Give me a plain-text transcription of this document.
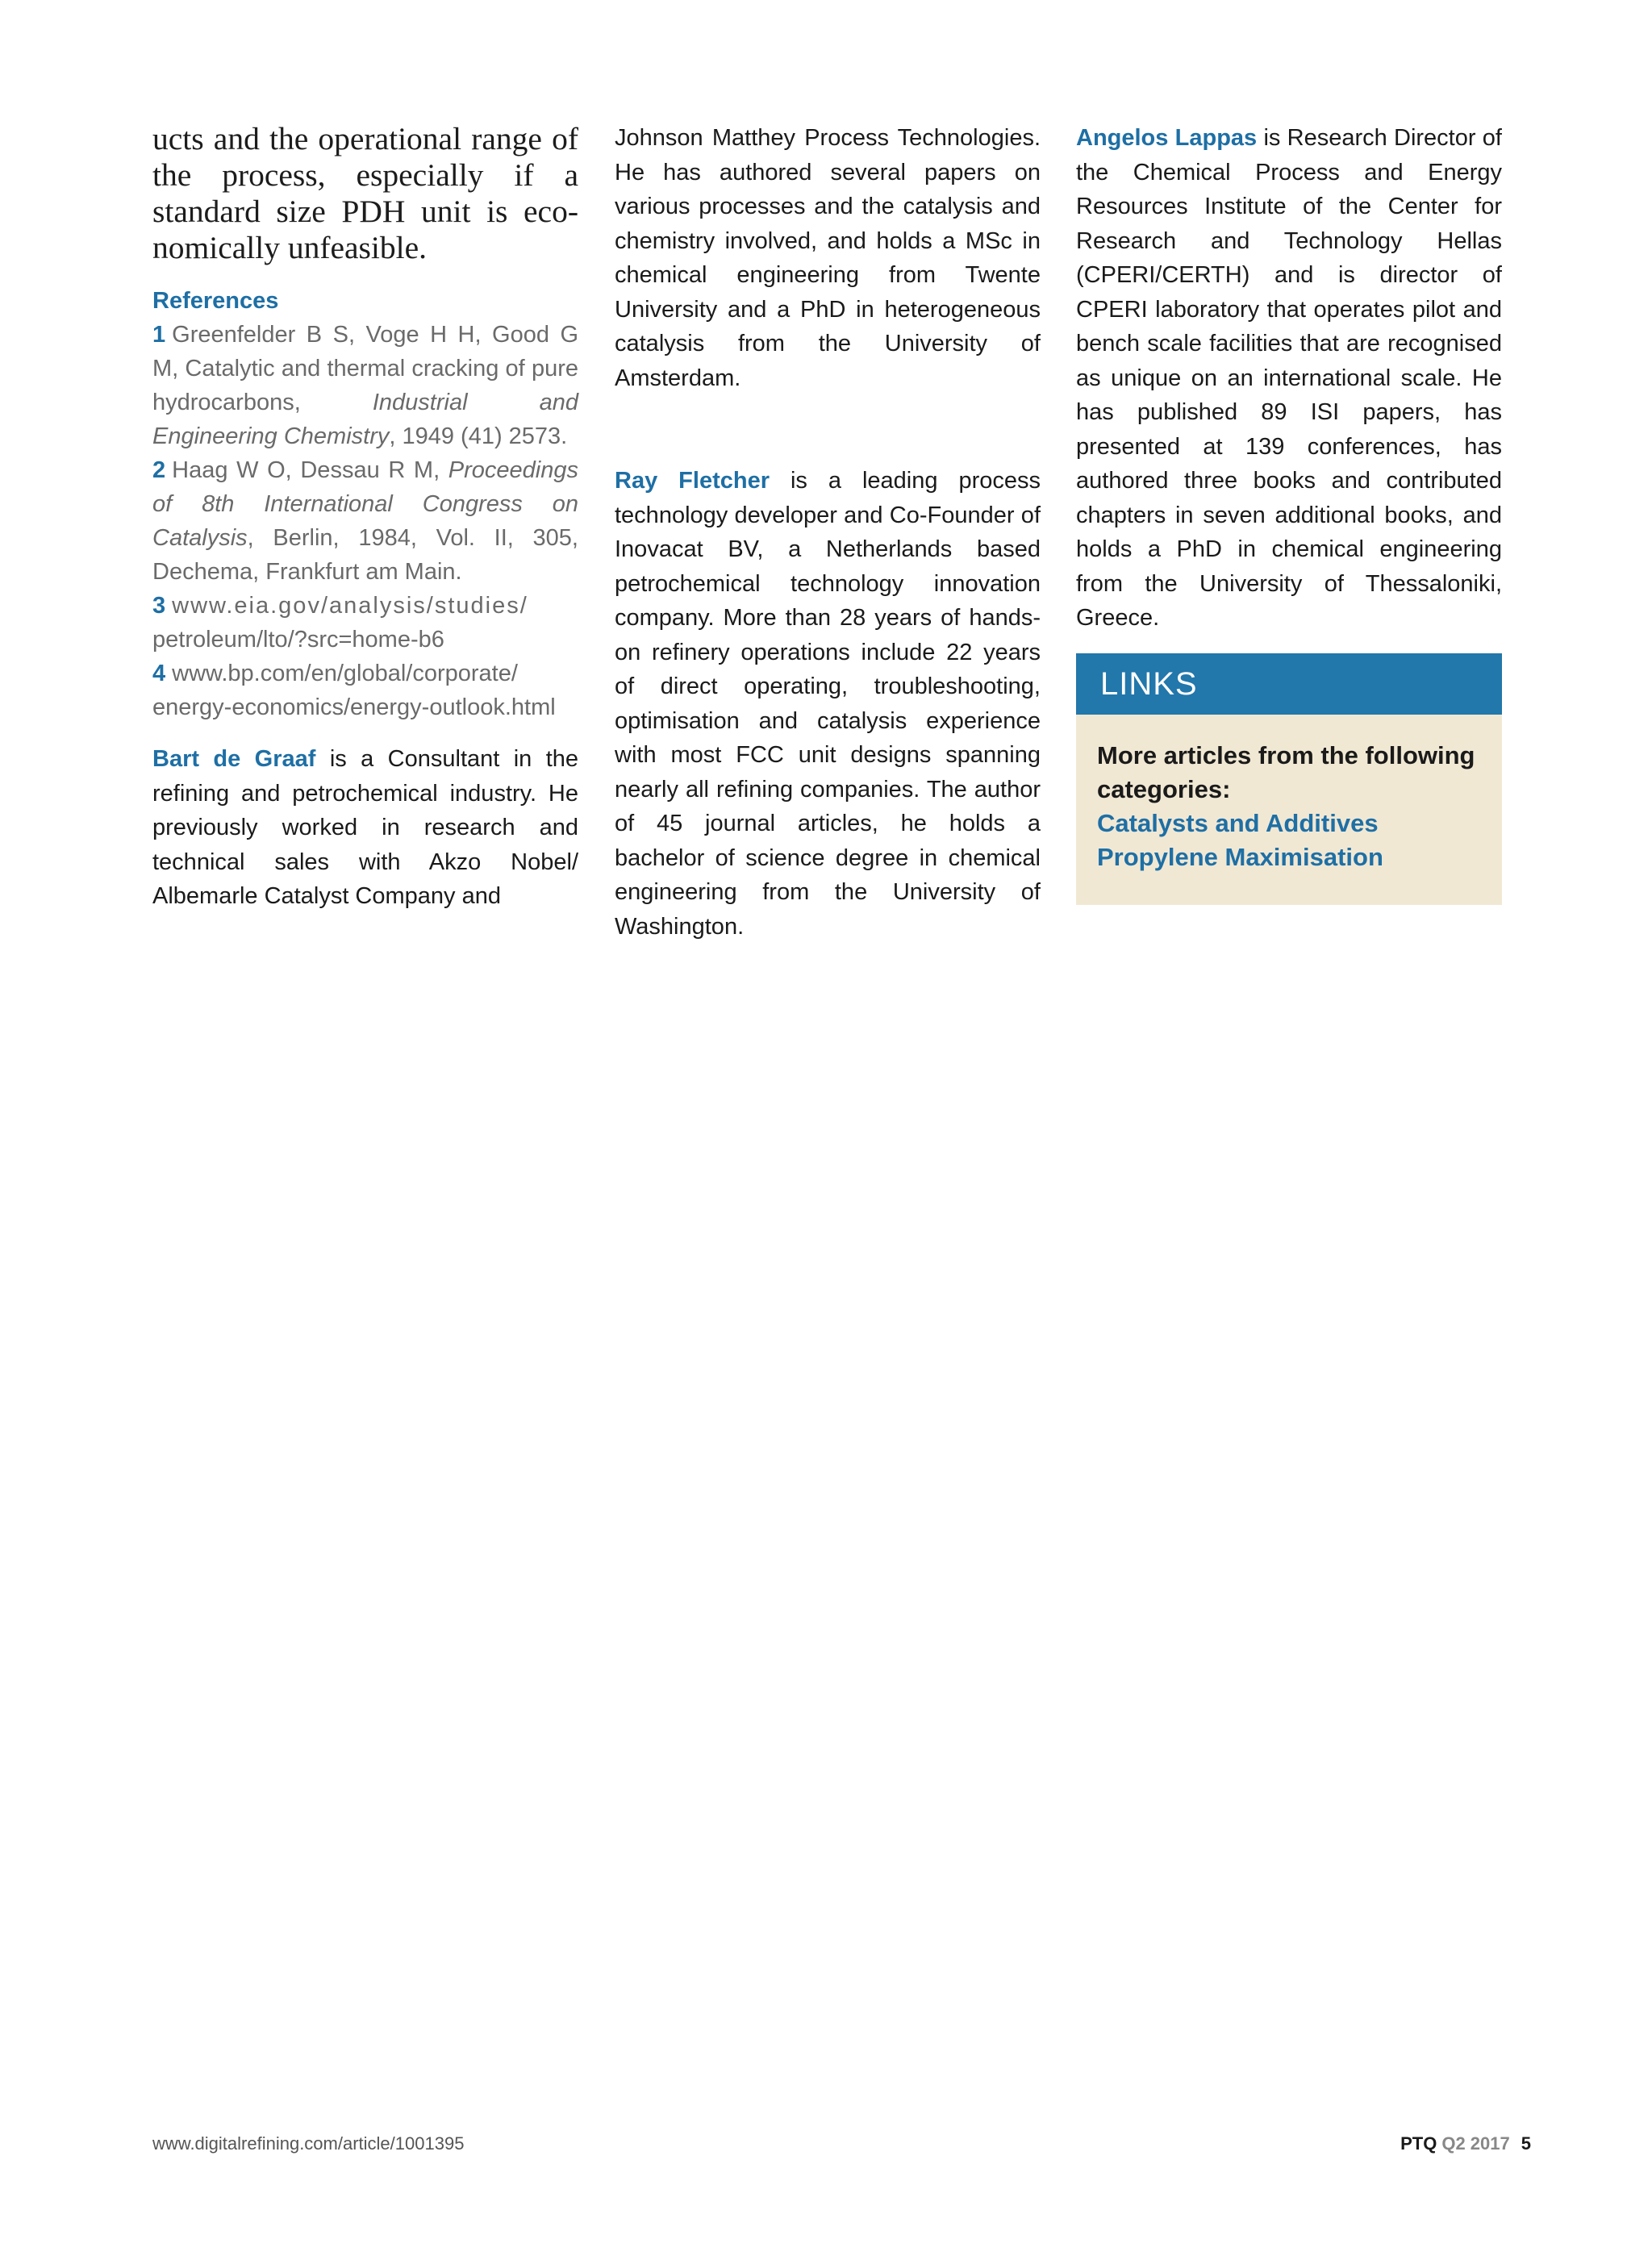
ucts and the operational range of the process, especially if a standard size PDH unit is economically unfeasible.

References

1 Greenfelder B S, Voge H H, Good G M, Catalytic and thermal cracking of pure hydrocarbons, Industrial and Engineering Chemistry, 1949 (41) 2573.

2 Haag W O, Dessau R M, Proceedings of 8th International Congress on Catalysis, Berlin, 1984, Vol. II, 305, Dechema, Frankfurt am Main.

3 www.eia.gov/analysis/studies/
petroleum/lto/?src=home-b6

4 www.bp.com/en/global/corporate/
energy-economics/energy-outlook.html

Bart de Graaf is a Consultant in the refining and petrochemical industry. He previously worked in research and technical sales with Akzo Nobel/ Albemarle Catalyst Company and

Johnson Matthey Process Technologies. He has authored several papers on various processes and the catalysis and chemistry involved, and holds a MSc in chemical engineering from Twente University and a PhD in heterogeneous catalysis from the University of Amsterdam.

Ray Fletcher is a leading process technology developer and Co-Founder of Inovacat BV, a Netherlands based petrochemical technology innovation company. More than 28 years of hands-on refinery operations include 22 years of direct operating, troubleshooting, optimisation and catalysis experience with most FCC unit designs spanning nearly all refining companies. The author of 45 journal articles, he holds a bachelor of science degree in chemical engineering from the University of Washington.

Angelos Lappas is Research Director of the Chemical Process and Energy Resources Institute of the Center for Research and Technology Hellas (CPERI/CERTH) and is director of CPERI laboratory that operates pilot and bench scale facilities that are recognised as unique on an international scale. He has published 89 ISI papers, has presented at 139 conferences, has authored three books and contributed chapters in seven additional books, and holds a PhD in chemical engineering from the University of Thessaloniki, Greece.

LINKS

More articles from the following categories:

Catalysts and Additives
Propylene Maximisation
www.digitalrefining.com/article/1001395	PTQ Q2 2017 5
